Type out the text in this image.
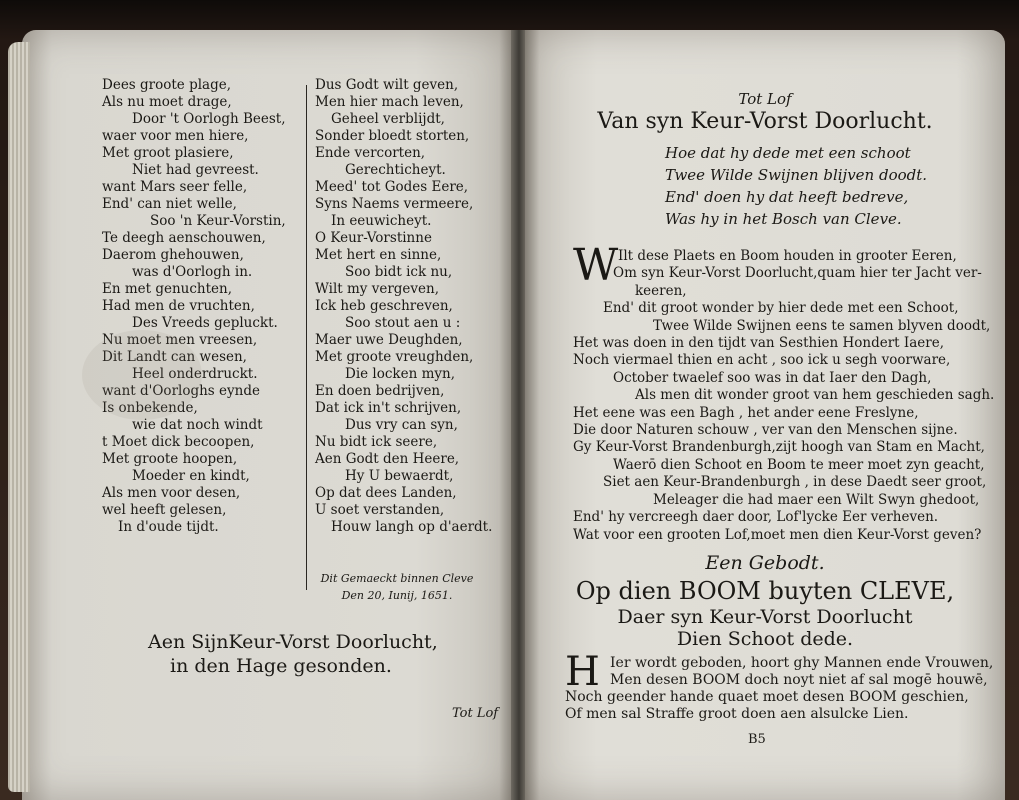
Dees groote plage,
Als nu moet drage,
Door 't Oorlogh Beest,
waer voor men hiere,
Met groot plasiere,
Niet had gevreest.
want Mars seer felle,
End' can niet welle,
Soo 'n Keur-Vorstin,
Te deegh aenschouwen,
Daerom ghehouwen,
was d'Oorlogh in.
En met genuchten,
Had men de vruchten,
Des Vreeds gepluckt.
Nu moet men vreesen,
Dit Landt can wesen,
Heel onderdruckt.
want d'Oorloghs eynde
Is onbekende,
wie dat noch windt
t Moet dick becoopen,
Met groote hoopen,
Moeder en kindt,
Als men voor desen,
wel heeft gelesen,
In d'oude tijdt.
Dus Godt wilt geven,
Men hier mach leven,
Geheel verblijdt,
Sonder bloedt storten,
Ende vercorten,
Gerechticheyt.
Meed' tot Godes Eere,
Syns Naems vermeere,
In eeuwicheyt.
O Keur-Vorstinne
Met hert en sinne,
Soo bidt ick nu,
Wilt my vergeven,
Ick heb geschreven,
Soo stout aen u :
Maer uwe Deughden,
Met groote vreughden,
Die locken myn,
En doen bedrijven,
Dat ick in't schrijven,
Dus vry can syn,
Nu bidt ick seere,
Aen Godt den Heere,
Hy U bewaerdt,
Op dat dees Landen,
U soet verstanden,
Houw langh op d'aerdt.
Dit Gemaeckt binnen Cleve
Den 20, Iunij, 1651.
Aen SijnKeur-Vorst Doorlucht,
in den Hage gesonden.
Tot Lof
Tot Lof
Van syn Keur-Vorst Doorlucht.
Hoe dat hy dede met een schoot
Twee Wilde Swijnen blijven doodt.
End' doen hy dat heeft bedreve,
Was hy in het Bosch van Cleve.
W Ilt dese Plaets en Boom houden in grooter Eeren,
Om syn Keur-Vorst Doorlucht,quam hier ter Jacht ver-
keeren,
End' dit groot wonder by hier dede met een Schoot,
Twee Wilde Swijnen eens te samen blyven doodt,
Het was doen in den tijdt van Sesthien Hondert Iaere,
Noch viermael thien en acht , soo ick u segh voorware,
October twaelef soo was in dat Iaer den Dagh,
Als men dit wonder groot van hem geschieden sagh.
Het eene was een Bagh , het ander eene Freslyne,
Die door Naturen schouw , ver van den Menschen sijne.
Gy Keur-Vorst Brandenburgh,zijt hoogh van Stam en Macht,
Waerō dien Schoot en Boom te meer moet zyn geacht,
Siet aen Keur-Brandenburgh , in dese Daedt seer groot,
Meleager die had maer een Wilt Swyn ghedoot,
End' hy vercreegh daer door, Lof'lycke Eer verheven.
Wat voor een grooten Lof,moet men dien Keur-Vorst geven?
Een Gebodt.
Op dien BOOM buyten CLEVE,
Daer syn Keur-Vorst Doorlucht
Dien Schoot dede.
H Ier wordt geboden, hoort ghy Mannen ende Vrouwen,
Men desen BOOM doch noyt niet af sal mogē houwē,
Noch geender hande quaet moet desen BOOM geschien,
Of men sal Straffe groot doen aen alsulcke Lien.
B5
